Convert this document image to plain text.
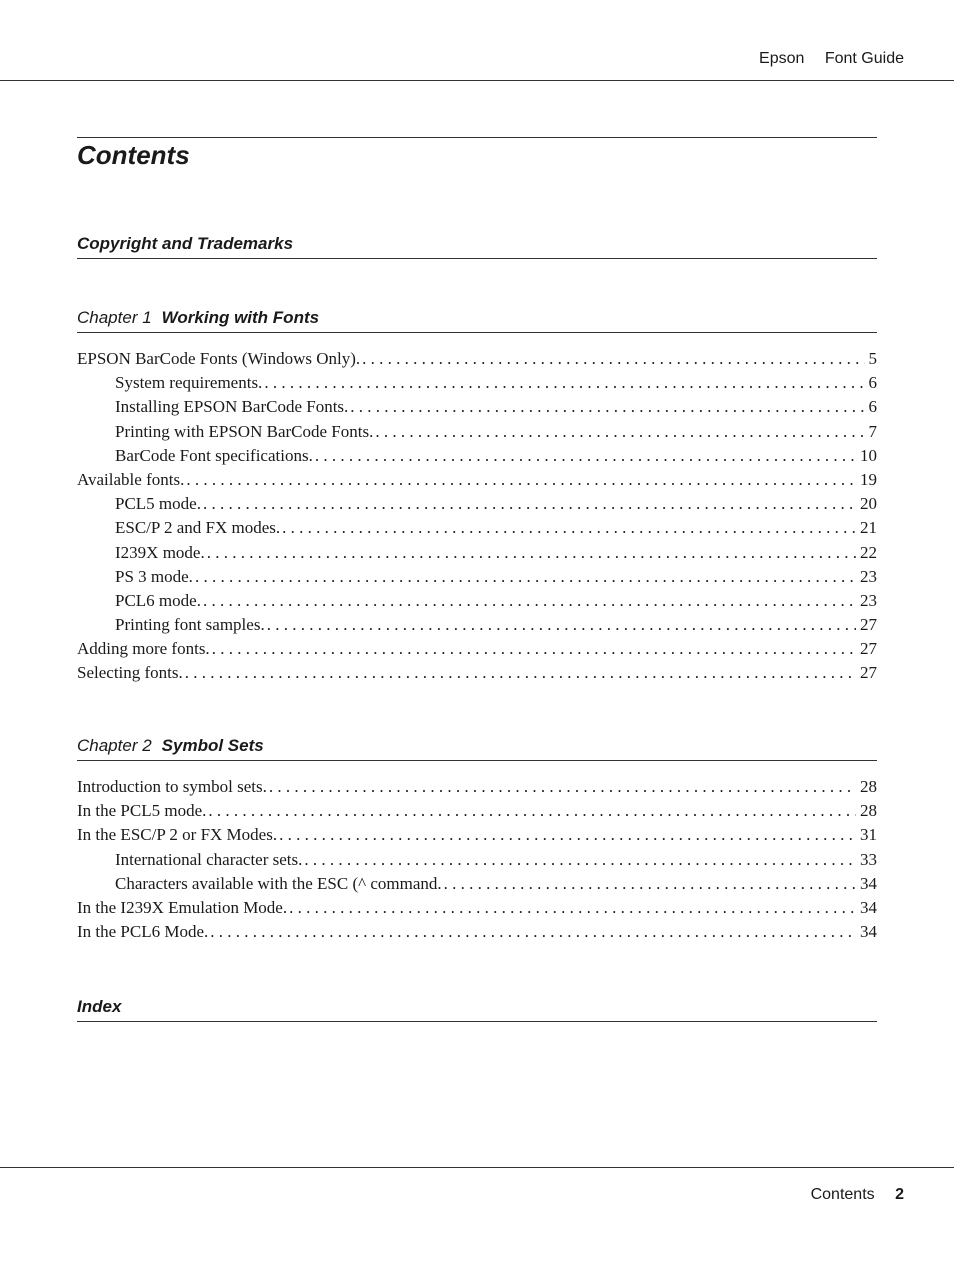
Epson Font Guide
Contents
Copyright and Trademarks
Chapter 1 Working with Fonts
EPSON BarCode Fonts (Windows Only). . . .	5
System requirements. . . .	6
Installing EPSON BarCode Fonts. . . .	6
Printing with EPSON BarCode Fonts. . . .	7
BarCode Font specifications. . . .	10
Available fonts. . . .	19
PCL5 mode. . . .	20
ESC/P 2 and FX modes. . . .	21
I239X mode. . . .	22
PS 3 mode. . . .	23
PCL6 mode. . . .	23
Printing font samples. . . .	27
Adding more fonts. . . .	27
Selecting fonts. . . .	27
Chapter 2 Symbol Sets
Introduction to symbol sets. . . .	28
In the PCL5 mode. . . .	28
In the ESC/P 2 or FX Modes. . . .	31
International character sets. . . .	33
Characters available with the ESC (^ command. . . .	34
In the I239X Emulation Mode. . . .	34
In the PCL6 Mode. . . .	34
Index
Contents 2
